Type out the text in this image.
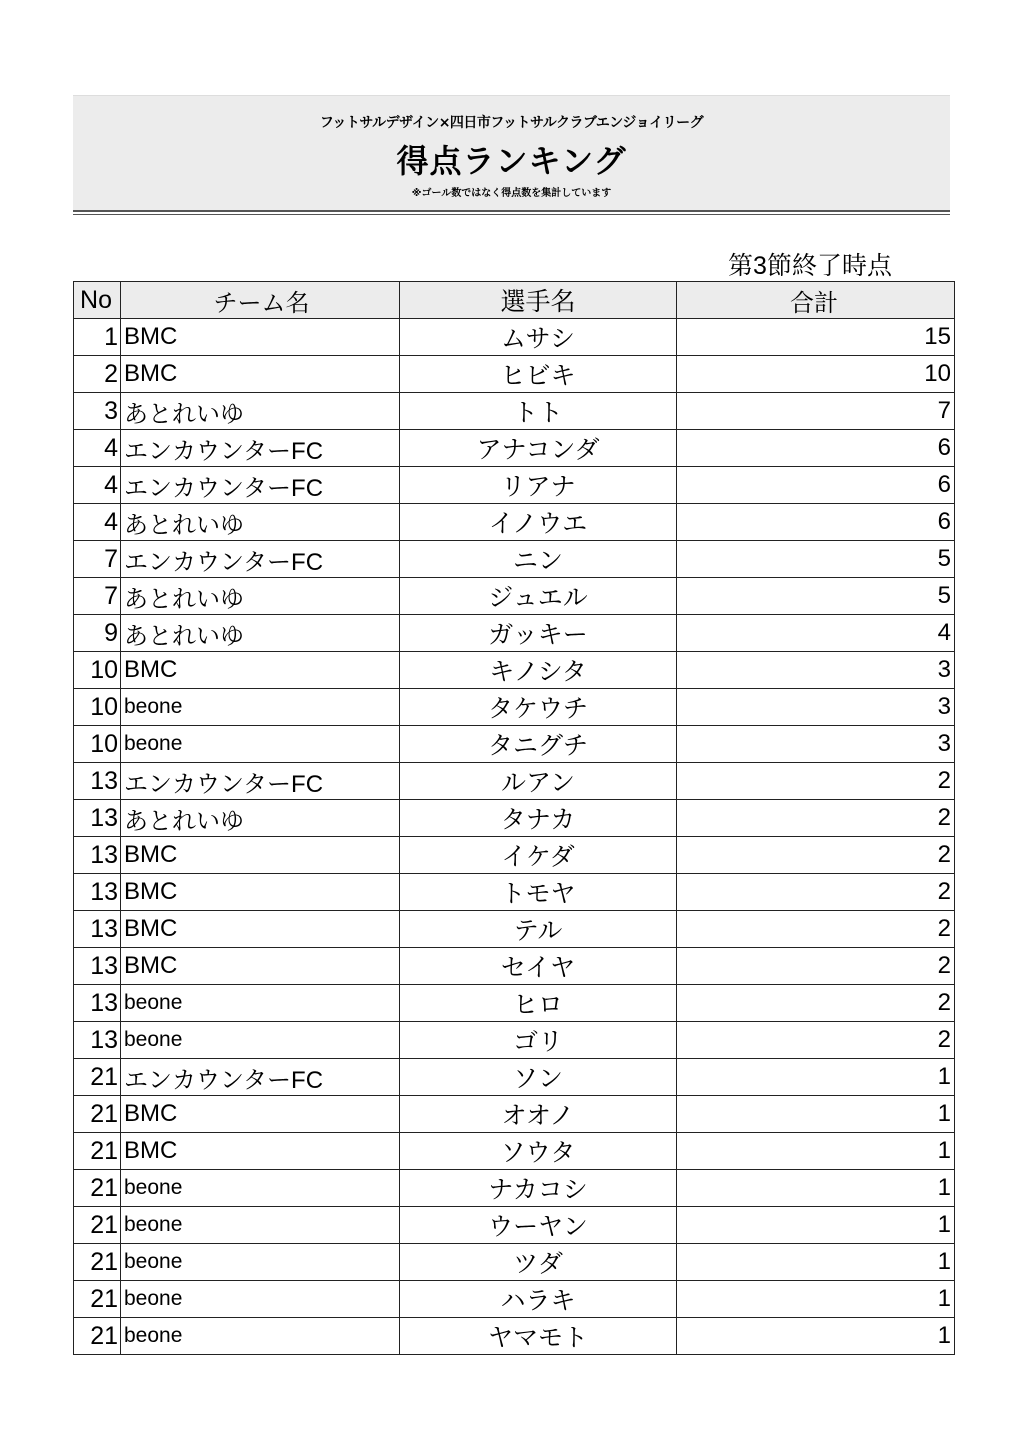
フットサルデザイン×四日市フットサルクラブエンジョイリーグ
得点ランキング
※ゴール数ではなく得点数を集計しています
第3節終了時点
No	チーム名	選手名	合計
1	BMC	ムサシ	15
2	BMC	ヒビキ	10
3	あとれいゆ	トト	7
4	エンカウンターFC	アナコンダ	6
4	エンカウンターFC	リアナ	6
4	あとれいゆ	イノウエ	6
7	エンカウンターFC	ニン	5
7	あとれいゆ	ジュエル	5
9	あとれいゆ	ガッキー	4
10	BMC	キノシタ	3
10	beone	タケウチ	3
10	beone	タニグチ	3
13	エンカウンターFC	ルアン	2
13	あとれいゆ	タナカ	2
13	BMC	イケダ	2
13	BMC	トモヤ	2
13	BMC	テル	2
13	BMC	セイヤ	2
13	beone	ヒロ	2
13	beone	ゴリ	2
21	エンカウンターFC	ソン	1
21	BMC	オオノ	1
21	BMC	ソウタ	1
21	beone	ナカコシ	1
21	beone	ウーヤン	1
21	beone	ツダ	1
21	beone	ハラキ	1
21	beone	ヤマモト	1
